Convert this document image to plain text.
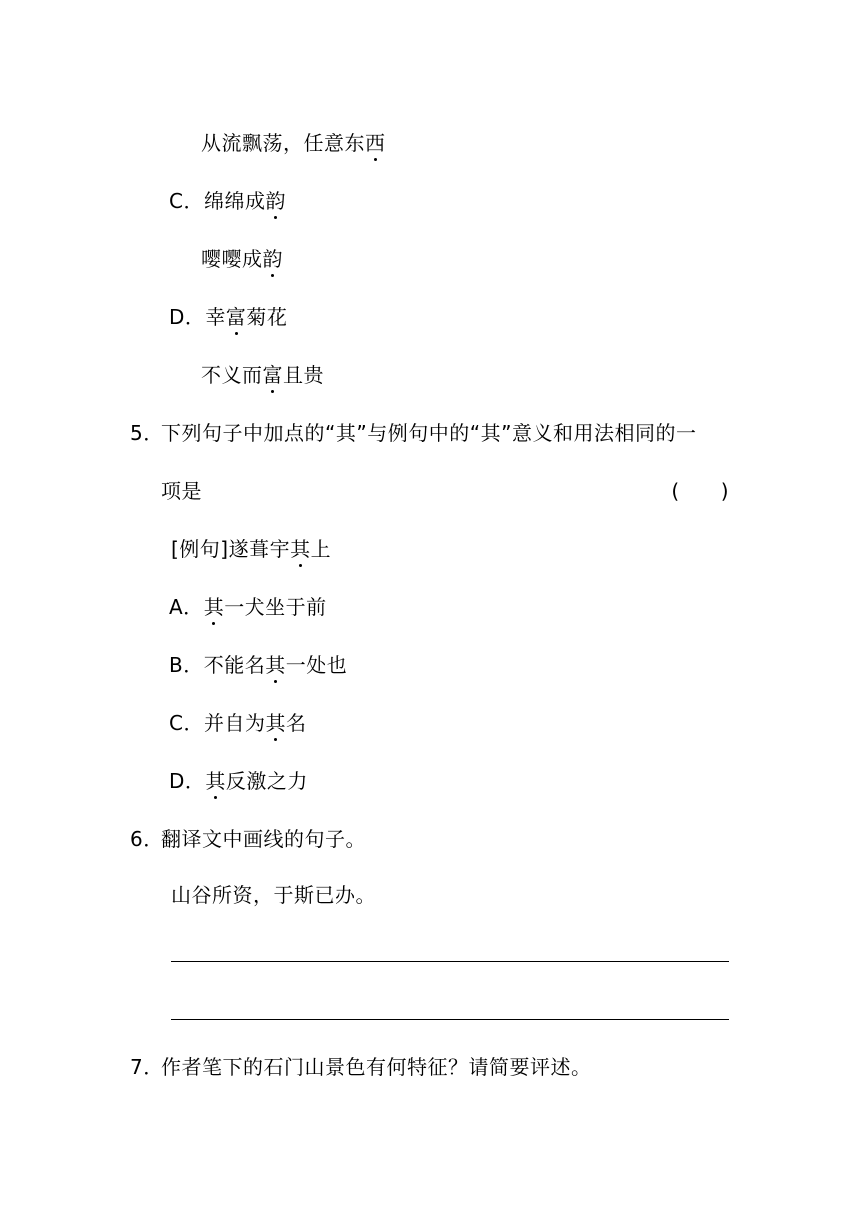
从流飘荡，任意东西
C．绵绵成韵
嘤嘤成韵
D．幸富菊花
不义而富且贵
5．下列句子中加点的“其”与例句中的“其”意义和用法相同的一
项是	(　　)
[例句]遂葺宇其上
A．其一犬坐于前
B．不能名其一处也
C．并自为其名
D．其反激之力
6．翻译文中画线的句子。
山谷所资，于斯已办。
7．作者笔下的石门山景色有何特征？请简要评述。
